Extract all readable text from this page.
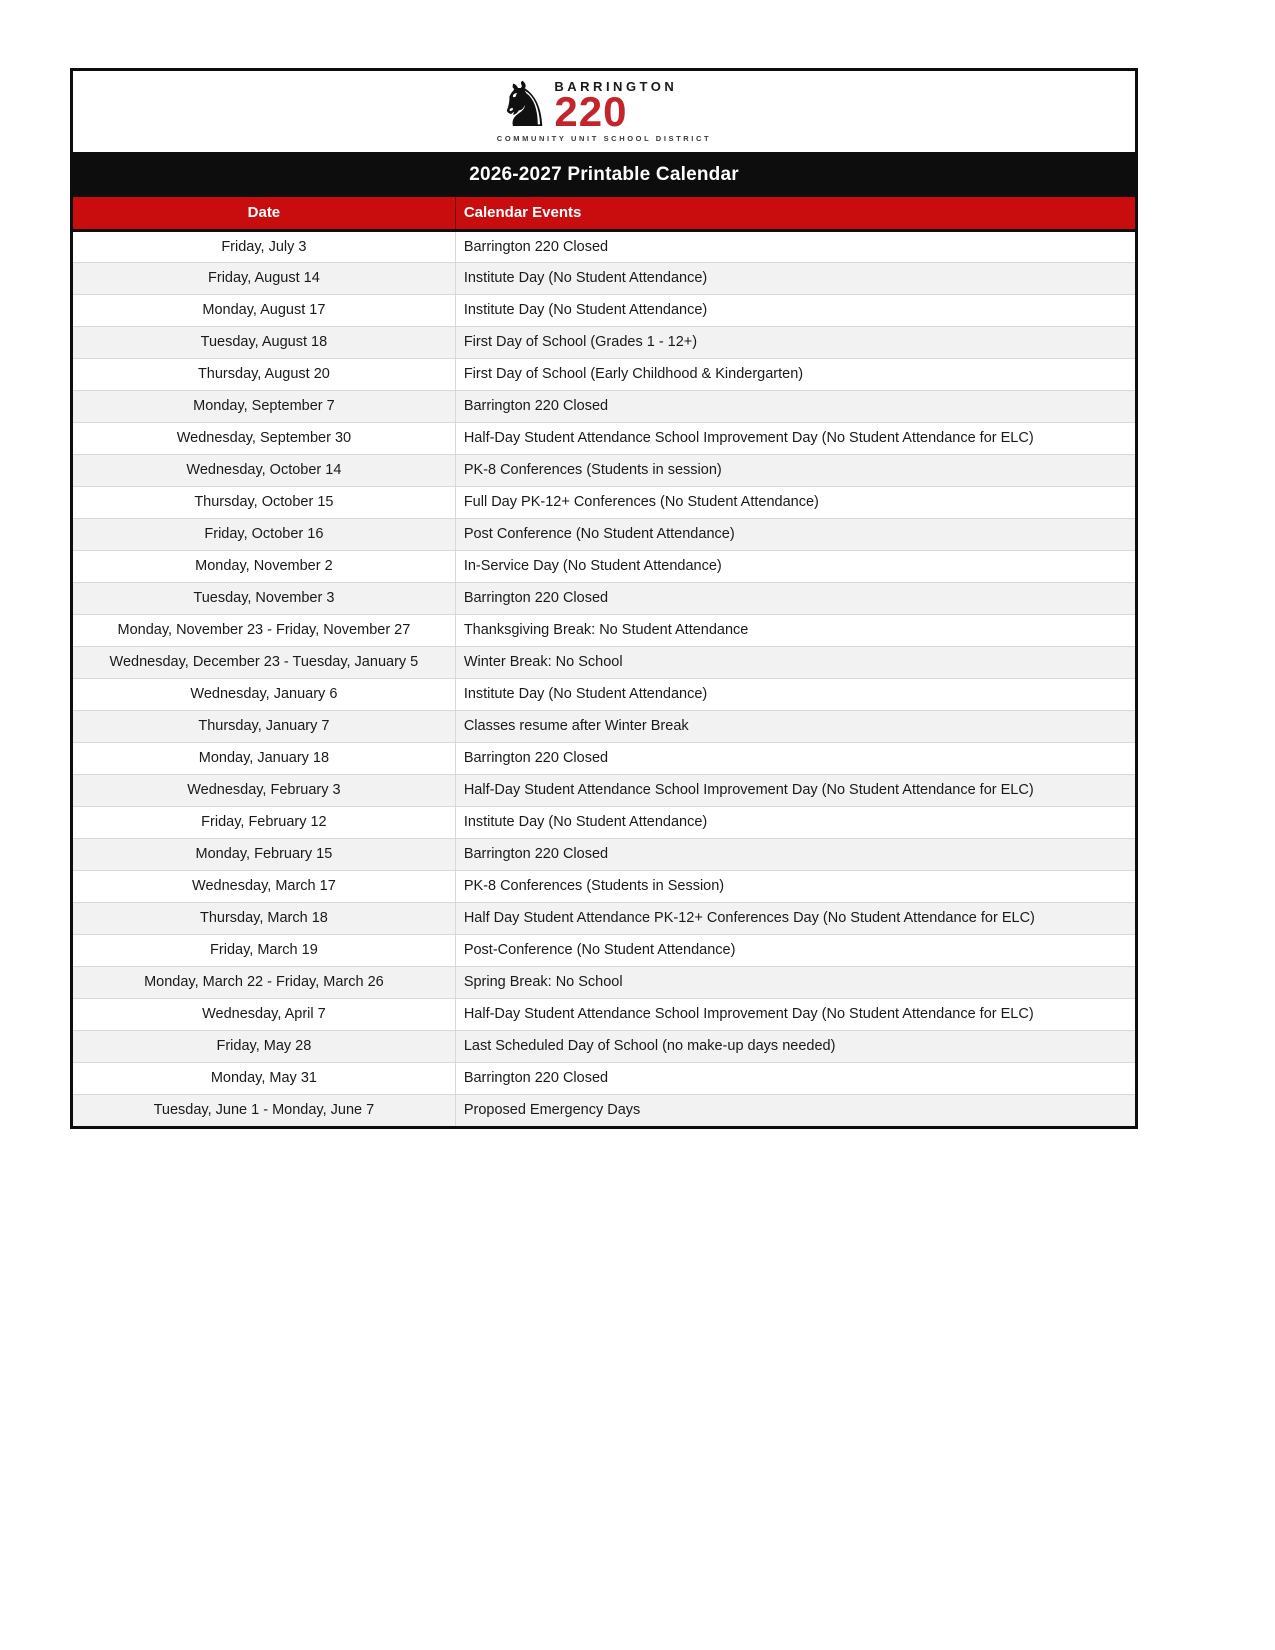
♞ BARRINGTON
220
COMMUNITY UNIT SCHOOL DISTRICT
2026-2027 Printable Calendar
Date	Calendar Events
Friday, July 3	Barrington 220 Closed
Friday, August 14	Institute Day (No Student Attendance)
Monday, August 17	Institute Day (No Student Attendance)
Tuesday, August 18	First Day of School (Grades 1 - 12+)
Thursday, August 20	First Day of School (Early Childhood & Kindergarten)
Monday, September 7	Barrington 220 Closed
Wednesday, September 30	Half-Day Student Attendance School Improvement Day (No Student Attendance for ELC)
Wednesday, October 14	PK-8 Conferences (Students in session)
Thursday, October 15	Full Day PK-12+ Conferences (No Student Attendance)
Friday, October 16	Post Conference (No Student Attendance)
Monday, November 2	In-Service Day (No Student Attendance)
Tuesday, November 3	Barrington 220 Closed
Monday, November 23 - Friday, November 27	Thanksgiving Break: No Student Attendance
Wednesday, December 23 - Tuesday, January 5	Winter Break: No School
Wednesday, January 6	Institute Day (No Student Attendance)
Thursday, January 7	Classes resume after Winter Break
Monday, January 18	Barrington 220 Closed
Wednesday, February 3	Half-Day Student Attendance School Improvement Day (No Student Attendance for ELC)
Friday, February 12	Institute Day (No Student Attendance)
Monday, February 15	Barrington 220 Closed
Wednesday, March 17	PK-8 Conferences (Students in Session)
Thursday, March 18	Half Day Student Attendance PK-12+ Conferences Day (No Student Attendance for ELC)
Friday, March 19	Post-Conference (No Student Attendance)
Monday, March 22 - Friday, March 26	Spring Break: No School
Wednesday, April 7	Half-Day Student Attendance School Improvement Day (No Student Attendance for ELC)
Friday, May 28	Last Scheduled Day of School (no make-up days needed)
Monday, May 31	Barrington 220 Closed
Tuesday, June 1 - Monday, June 7	Proposed Emergency Days
